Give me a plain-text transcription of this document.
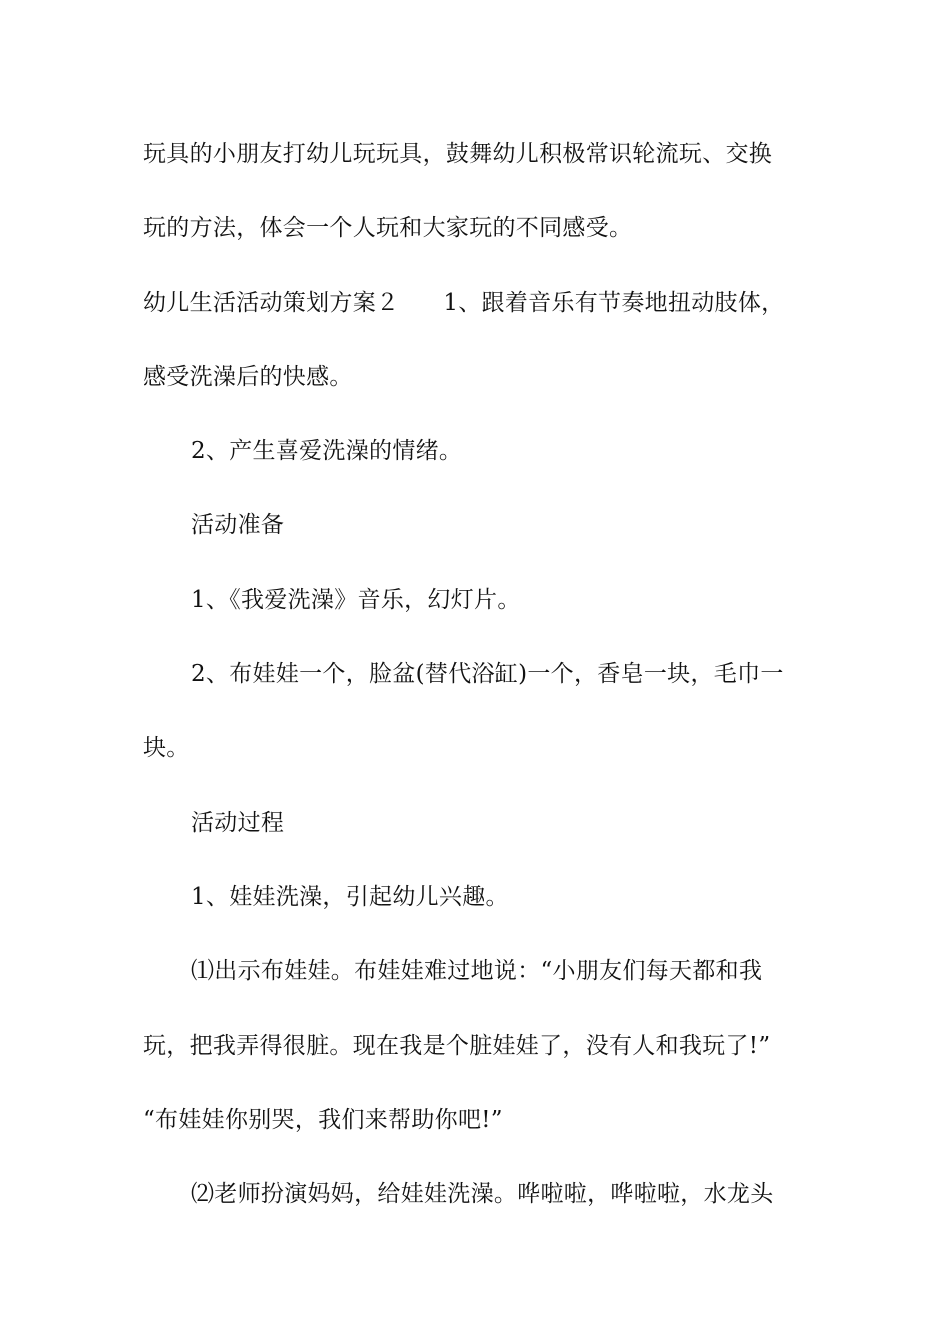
玩具的小朋友打幼儿玩玩具，鼓舞幼儿积极常识轮流玩、交换
玩的方法，体会一个人玩和大家玩的不同感受。
幼儿生活活动策划方案２ 1、跟着音乐有节奏地扭动肢体，
感受洗澡后的快感。
2、产生喜爱洗澡的情绪。
活动准备
1、《我爱洗澡》音乐，幻灯片。
2、布娃娃一个，脸盆(替代浴缸)一个，香皂一块，毛巾一
块。
活动过程
1、娃娃洗澡，引起幼儿兴趣。
⑴出示布娃娃。布娃娃难过地说：“小朋友们每天都和我
玩，把我弄得很脏。现在我是个脏娃娃了，没有人和我玩了!”
“布娃娃你别哭，我们来帮助你吧!”
⑵老师扮演妈妈，给娃娃洗澡。哗啦啦，哗啦啦，水龙头
